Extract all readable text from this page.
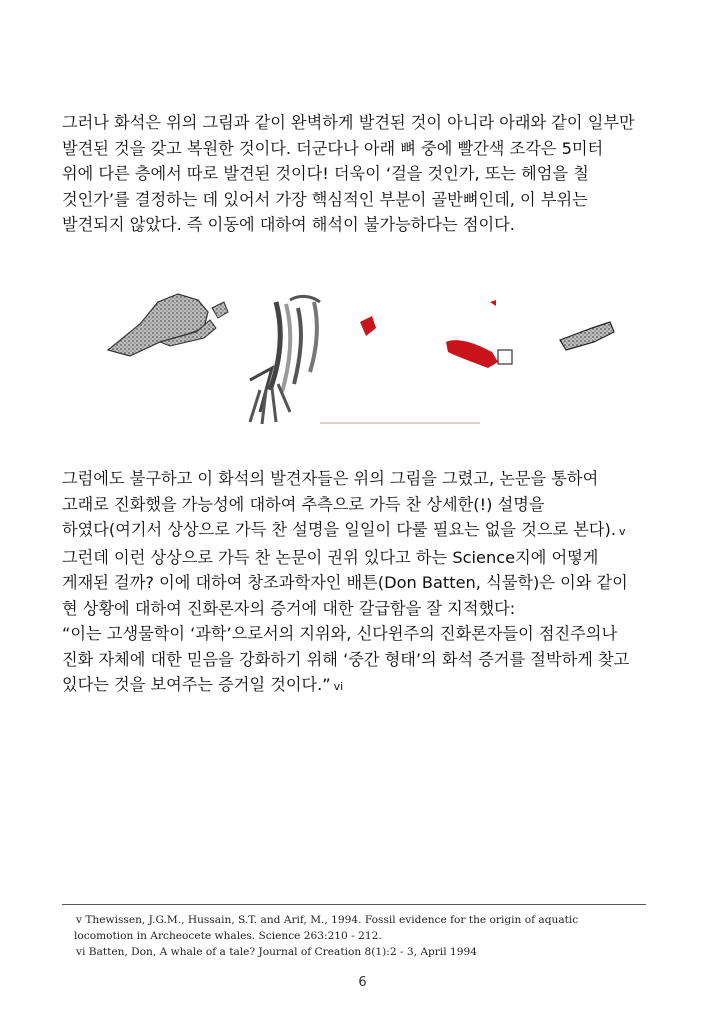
그러나 화석은 위의 그림과 같이 완벽하게 발견된 것이 아니라 아래와 같이 일부만
발견된 것을 갖고 복원한 것이다. 더군다나 아래 뼈 중에 빨간색 조각은 5미터
위에 다른 층에서 따로 발견된 것이다! 더욱이 ‘걸을 것인가, 또는 헤엄을 칠
것인가’를 결정하는 데 있어서 가장 핵심적인 부분이 골반뼈인데, 이 부위는
발견되지 않았다. 즉 이동에 대하여 해석이 불가능하다는 점이다.
그럼에도 불구하고 이 화석의 발견자들은 위의 그림을 그렸고, 논문을 통하여
고래로 진화했을 가능성에 대하여 추측으로 가득 찬 상세한(!) 설명을
하였다(여기서 상상으로 가득 찬 설명을 일일이 다룰 필요는 없을 것으로 본다). v
그런데 이런 상상으로 가득 찬 논문이 권위 있다고 하는 Science지에 어떻게
게재된 걸까? 이에 대하여 창조과학자인 배튼(Don Batten, 식물학)은 이와 같이
현 상황에 대하여 진화론자의 증거에 대한 갈급함을 잘 지적했다:
“이는 고생물학이 ‘과학’으로서의 지위와, 신다윈주의 진화론자들이 점진주의나
진화 자체에 대한 믿음을 강화하기 위해 ‘중간 형태’의 화석 증거를 절박하게 찾고
있다는 것을 보여주는 증거일 것이다.” vi
v Thewissen, J.G.M., Hussain, S.T. and Arif, M., 1994. Fossil evidence for the origin of aquatic
locomotion in Archeocete whales. Science 263:210 - 212.
vi Batten, Don, A whale of a tale? Journal of Creation 8(1):2 - 3, April 1994
6
